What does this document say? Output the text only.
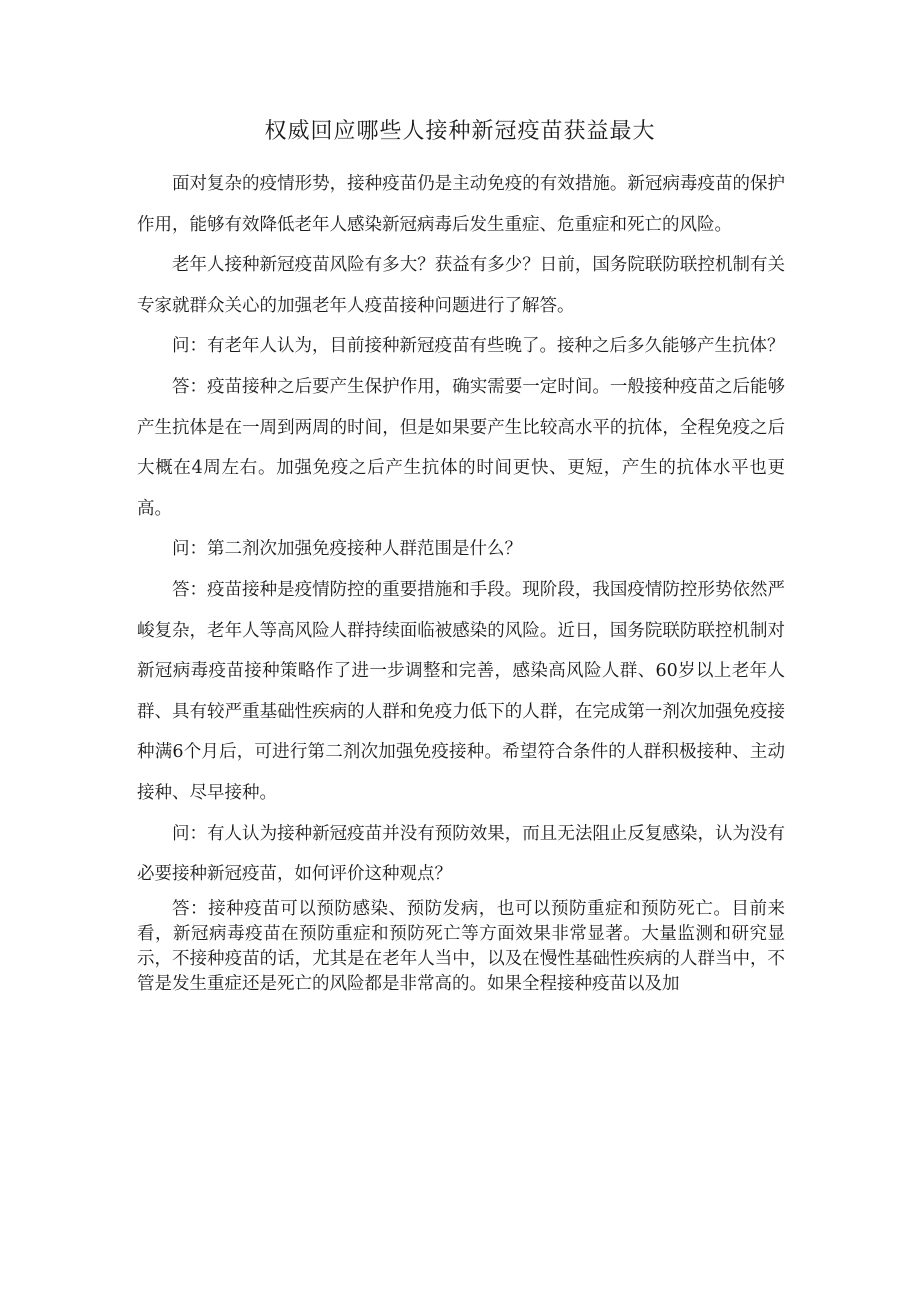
权威回应哪些人接种新冠疫苗获益最大

面对复杂的疫情形势，接种疫苗仍是主动免疫的有效措施。新冠病毒疫苗的保护作用，能够有效降低老年人感染新冠病毒后发生重症、危重症和死亡的风险。

老年人接种新冠疫苗风险有多大？获益有多少？日前，国务院联防联控机制有关专家就群众关心的加强老年人疫苗接种问题进行了解答。

问：有老年人认为，目前接种新冠疫苗有些晚了。接种之后多久能够产生抗体？

答：疫苗接种之后要产生保护作用，确实需要一定时间。一般接种疫苗之后能够产生抗体是在一周到两周的时间，但是如果要产生比较高水平的抗体，全程免疫之后大概在4周左右。加强免疫之后产生抗体的时间更快、更短，产生的抗体水平也更高。

问：第二剂次加强免疫接种人群范围是什么？

答：疫苗接种是疫情防控的重要措施和手段。现阶段，我国疫情防控形势依然严峻复杂，老年人等高风险人群持续面临被感染的风险。近日，国务院联防联控机制对新冠病毒疫苗接种策略作了进一步调整和完善，感染高风险人群、60岁以上老年人群、具有较严重基础性疾病的人群和免疫力低下的人群，在完成第一剂次加强免疫接种满6个月后，可进行第二剂次加强免疫接种。希望符合条件的人群积极接种、主动接种、尽早接种。

问：有人认为接种新冠疫苗并没有预防效果，而且无法阻止反复感染，认为没有必要接种新冠疫苗，如何评价这种观点？

答：接种疫苗可以预防感染、预防发病，也可以预防重症和预防死亡。目前来看，新冠病毒疫苗在预防重症和预防死亡等方面效果非常显著。大量监测和研究显示，不接种疫苗的话，尤其是在老年人当中，以及在慢性基础性疾病的人群当中，不管是发生重症还是死亡的风险都是非常高的。如果全程接种疫苗以及加
